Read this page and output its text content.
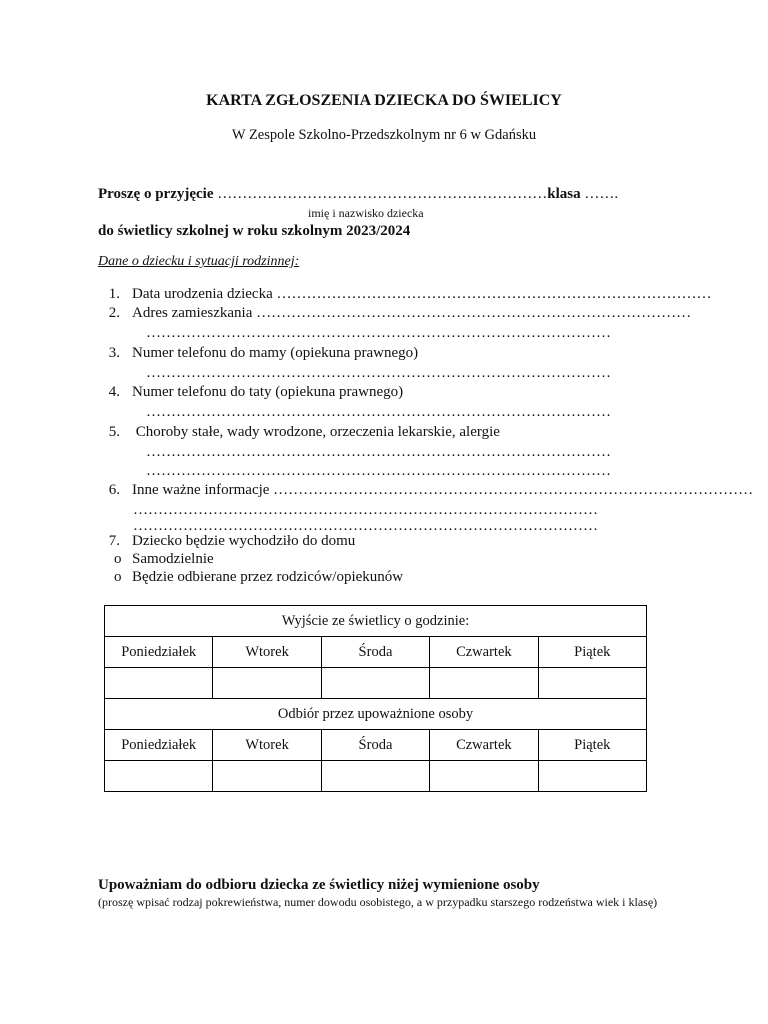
KARTA ZGŁOSZENIA DZIECKA DO ŚWIELICY
W Zespole Szkolno-Przedszkolnym nr 6 w Gdańsku
Proszę o przyjęcie …………………………………………………………klasa …….
imię i nazwisko dziecka
do świetlicy szkolnej w roku szkolnym 2023/2024
Dane o dziecku i sytuacji rodzinnej:
1. Data urodzenia dziecka ……………………………………………………………………………
2. Adres zamieszkania ……………………………………………………………………………
…………………………………………………………………………………
3. Numer telefonu do mamy (opiekuna prawnego)
…………………………………………………………………………………
4. Numer telefonu do taty (opiekuna prawnego)
…………………………………………………………………………………
5. Choroby stałe, wady wrodzone, orzeczenia lekarskie, alergie
…………………………………………………………………………………
…………………………………………………………………………………
6. Inne ważne informacje ……………………………………………………………………………………
…………………………………………………………………………………
…………………………………………………………………………………
7. Dziecko będzie wychodziło do domu
o Samodzielnie
o Będzie odbierane przez rodziców/opiekunów
Wyjście ze świetlicy o godzinie:				
Poniedziałek	Wtorek	Środa	Czwartek	Piątek

Odbiór przez upoważnione osoby				
Poniedziałek	Wtorek	Środa	Czwartek	Piątek

Upoważniam do odbioru dziecka ze świetlicy niżej wymienione osoby
(proszę wpisać rodzaj pokrewieństwa, numer dowodu osobistego, a w przypadku starszego rodzeństwa wiek i klasę)
